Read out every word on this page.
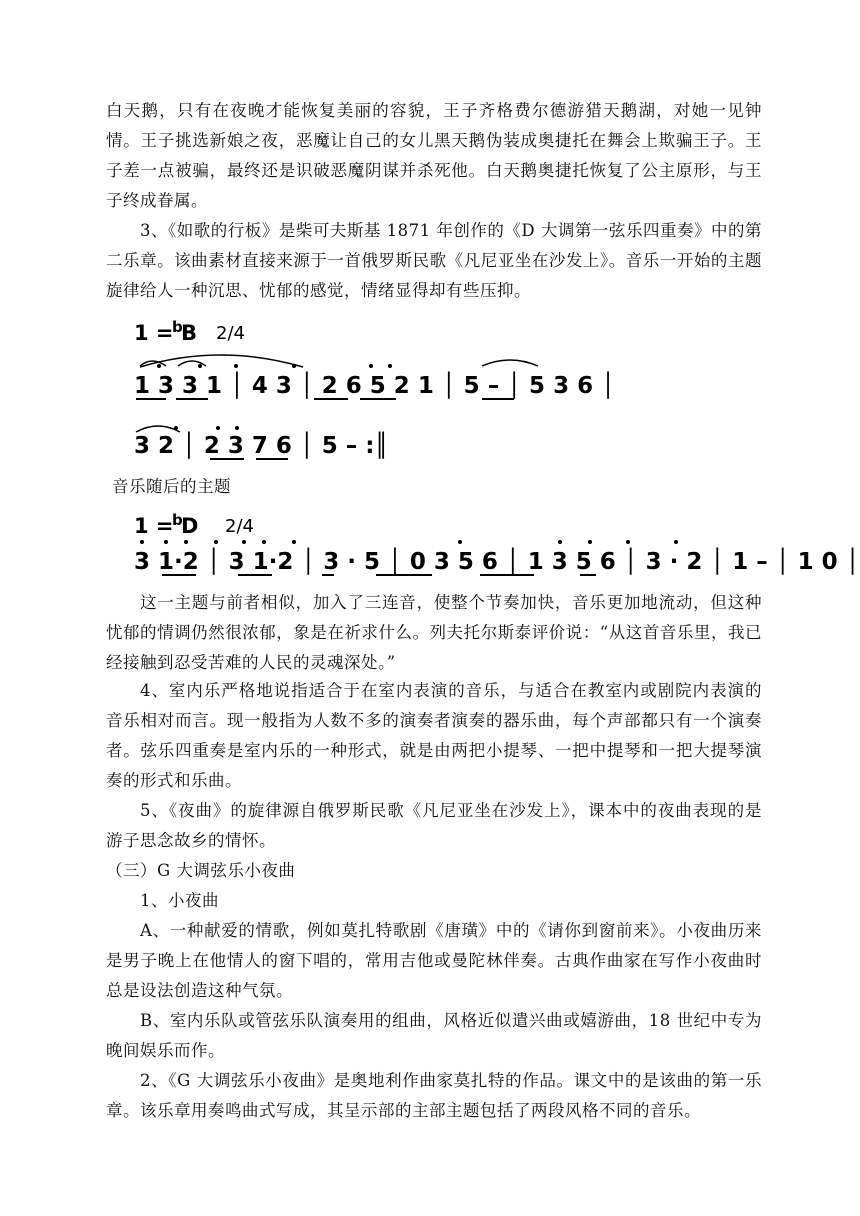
白天鹅，只有在夜晚才能恢复美丽的容貌，王子齐格费尔德游猎天鹅湖，对她一见钟情。王子挑选新娘之夜，恶魔让自己的女儿黑天鹅伪装成奥捷托在舞会上欺骗王子。王子差一点被骗，最终还是识破恶魔阴谋并杀死他。白天鹅奥捷托恢复了公主原形，与王子终成眷属。

3、《如歌的行板》是柴可夫斯基 1871 年创作的《D 大调第一弦乐四重奏》中的第二乐章。该曲素材直接来源于一首俄罗斯民歌《凡尼亚坐在沙发上》。音乐一开始的主题旋律给人一种沉思、忧郁的感觉，情绪显得却有些压抑。

1 =
b
B 2/4
1 3 3 1 │ 4 3 │ 2 6 5 2 1 │ 5 – │ 5 3 6 │
3 2 │ 2 3 7 6 │ 5 – :║

音乐随后的主题

1 =
b
D 2/4
3 1·2 │ 3 1·2 │ 3 · 5 │ 0 3 5 6 │ 1 3 5 6 │ 3 · 2 │ 1 – │ 1 0 │

这一主题与前者相似，加入了三连音，使整个节奏加快，音乐更加地流动，但这种忧郁的情调仍然很浓郁，象是在祈求什么。列夫托尔斯泰评价说：“从这首音乐里，我已经接触到忍受苦难的人民的灵魂深处。”

4、室内乐严格地说指适合于在室内表演的音乐，与适合在教室内或剧院内表演的音乐相对而言。现一般指为人数不多的演奏者演奏的器乐曲，每个声部都只有一个演奏者。弦乐四重奏是室内乐的一种形式，就是由两把小提琴、一把中提琴和一把大提琴演奏的形式和乐曲。

5、《夜曲》的旋律源自俄罗斯民歌《凡尼亚坐在沙发上》，课本中的夜曲表现的是游子思念故乡的情怀。

（三）G 大调弦乐小夜曲

1、小夜曲

A、一种献爱的情歌，例如莫扎特歌剧《唐璜》中的《请你到窗前来》。小夜曲历来是男子晚上在他情人的窗下唱的，常用吉他或曼陀林伴奏。古典作曲家在写作小夜曲时总是设法创造这种气氛。

B、室内乐队或管弦乐队演奏用的组曲，风格近似遣兴曲或嬉游曲，18 世纪中专为晚间娱乐而作。

2、《G 大调弦乐小夜曲》是奥地利作曲家莫扎特的作品。课文中的是该曲的第一乐章。该乐章用奏鸣曲式写成，其呈示部的主部主题包括了两段风格不同的音乐。
